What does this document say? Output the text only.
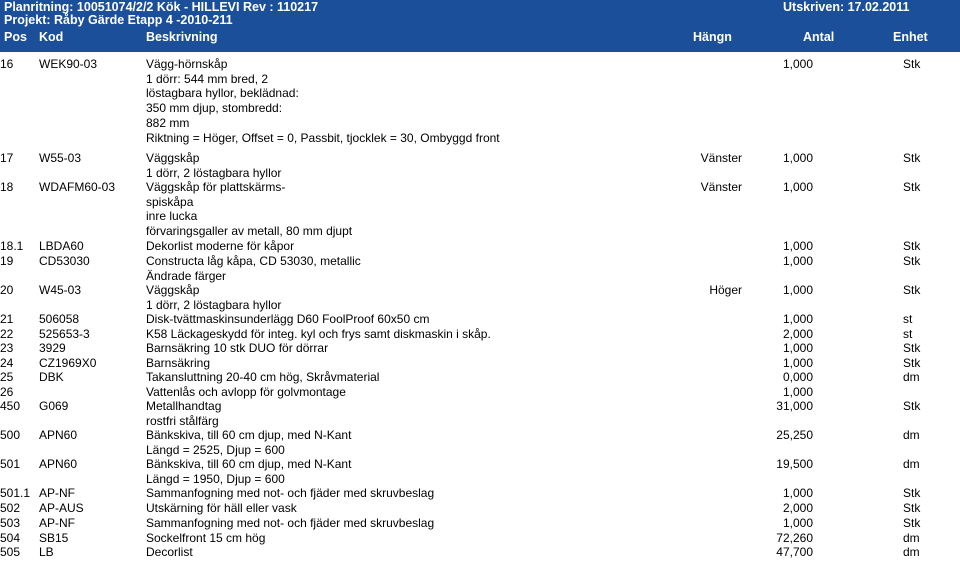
Planritning: 10051074/2/2 Kök - HILLEVI Rev : 110217
Projekt: Råby Gärde Etapp 4 -2010-211
Utskriven: 17.02.2011
Pos Kod	Beskrivning	Hängn	Antal	Enhet
16 WEK90-03	Vägg-hörnskåp	1,000	Stk
1 dörr: 544 mm bred, 2
löstagbara hyllor, beklädnad:
350 mm djup, stombredd:
882 mm
Riktning = Höger, Offset = 0, Passbit, tjocklek = 30, Ombyggd front
17 W55-03	Väggskåp	Vänster	1,000	Stk
1 dörr, 2 löstagbara hyllor
18 WDAFM60-03	Väggskåp för plattskärms-	Vänster	1,000	Stk
spiskåpa
inre lucka
förvaringsgaller av metall, 80 mm djupt
18.1 LBDA60	Dekorlist moderne för kåpor	1,000	Stk
19 CD53030	Constructa låg kåpa, CD 53030, metallic	1,000	Stk
Ändrade färger
20 W45-03	Väggskåp	Höger	1,000	Stk
1 dörr, 2 löstagbara hyllor
21 506058	Disk-tvättmaskinsunderlägg D60 FoolProof 60x50 cm	1,000	st
22 525653-3	K58 Läckageskydd för integ. kyl och frys samt diskmaskin i skåp.	2,000	st
23 3929	Barnsäkring 10 stk DUO för dörrar	1,000	Stk
24 CZ1969X0	Barnsäkring	1,000	Stk
25 DBK	Takansluttning 20-40 cm hög, Skråvmaterial	0,000	dm
26	Vattenlås och avlopp för golvmontage	1,000
450 G069	Metallhandtag	31,000	Stk
rostfri stålfärg
500 APN60	Bänkskiva, till 60 cm djup, med N-Kant	25,250	dm
Längd = 2525, Djup = 600
501 APN60	Bänkskiva, till 60 cm djup, med N-Kant	19,500	dm
Längd = 1950, Djup = 600
501.1 AP-NF	Sammanfogning med not- och fjäder med skruvbeslag	1,000	Stk
502 AP-AUS	Utskärning för häll eller vask	2,000	Stk
503 AP-NF	Sammanfogning med not- och fjäder med skruvbeslag	1,000	Stk
504 SB15	Sockelfront 15 cm hög	72,260	dm
505 LB	Decorlist	47,700	dm
